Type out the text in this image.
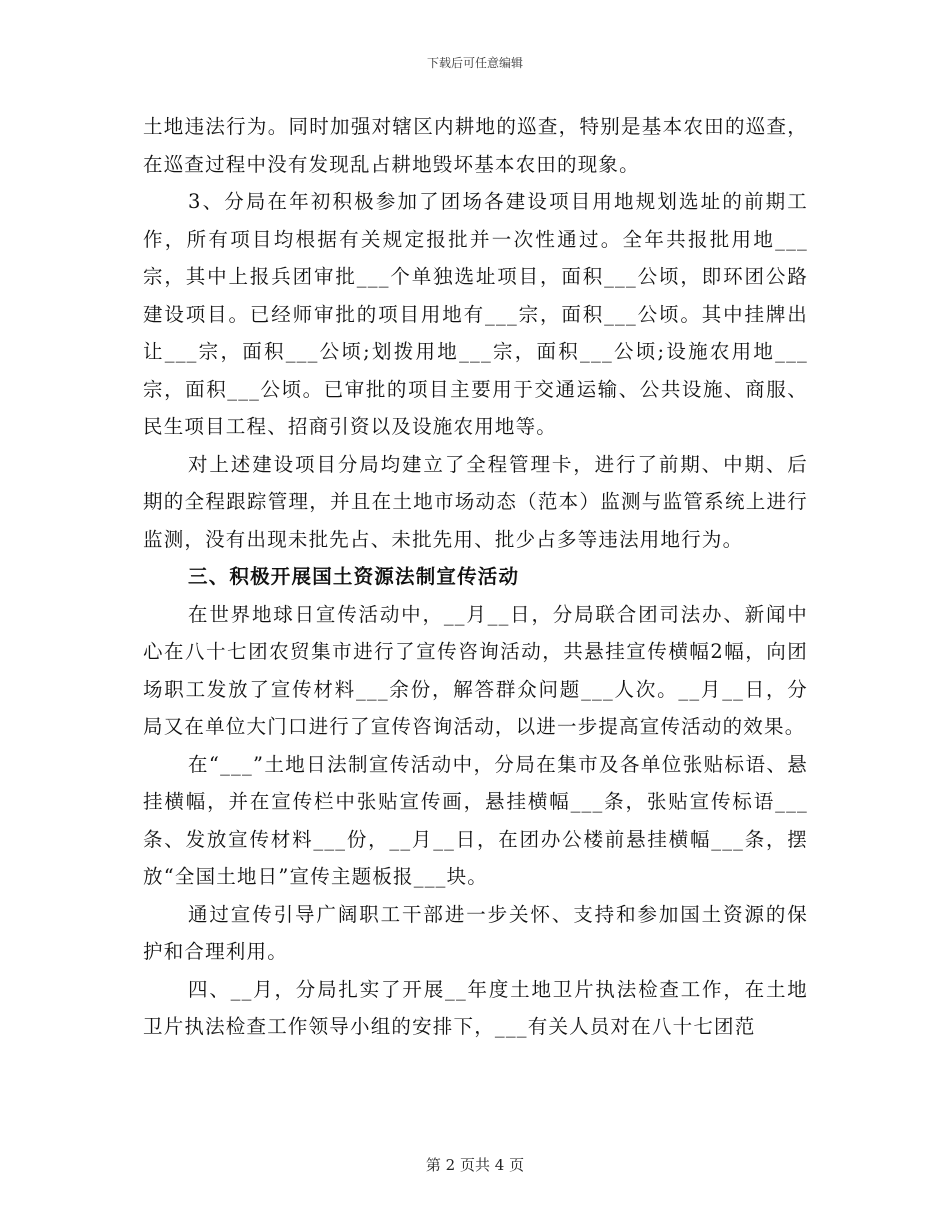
下载后可任意编辑

土地违法行为。同时加强对辖区内耕地的巡查，特别是基本农田的巡查，在巡查过程中没有发现乱占耕地毁坏基本农田的现象。

3、分局在年初积极参加了团场各建设项目用地规划选址的前期工作，所有项目均根据有关规定报批并一次性通过。全年共报批用地___宗，其中上报兵团审批___个单独选址项目，面积___公顷，即环团公路建设项目。已经师审批的项目用地有___宗，面积___公顷。其中挂牌出让___宗，面积___公顷;划拨用地___宗，面积___公顷;设施农用地___宗，面积___公顷。已审批的项目主要用于交通运输、公共设施、商服、民生项目工程、招商引资以及设施农用地等。

对上述建设项目分局均建立了全程管理卡，进行了前期、中期、后期的全程跟踪管理，并且在土地市场动态（范本）监测与监管系统上进行监测，没有出现未批先占、未批先用、批少占多等违法用地行为。

三、积极开展国土资源法制宣传活动

在世界地球日宣传活动中，__月__日，分局联合团司法办、新闻中心在八十七团农贸集市进行了宣传咨询活动，共悬挂宣传横幅2幅，向团场职工发放了宣传材料___余份，解答群众问题___人次。__月__日，分局又在单位大门口进行了宣传咨询活动，以进一步提高宣传活动的效果。

在“___”土地日法制宣传活动中，分局在集市及各单位张贴标语、悬挂横幅，并在宣传栏中张贴宣传画，悬挂横幅___条，张贴宣传标语___条、发放宣传材料___份，__月__日，在团办公楼前悬挂横幅___条，摆放“全国土地日”宣传主题板报___块。

通过宣传引导广阔职工干部进一步关怀、支持和参加国土资源的保护和合理利用。

四、__月，分局扎实了开展__年度土地卫片执法检查工作，在土地卫片执法检查工作领导小组的安排下，___有关人员对在八十七团范

第 2 页共 4 页
